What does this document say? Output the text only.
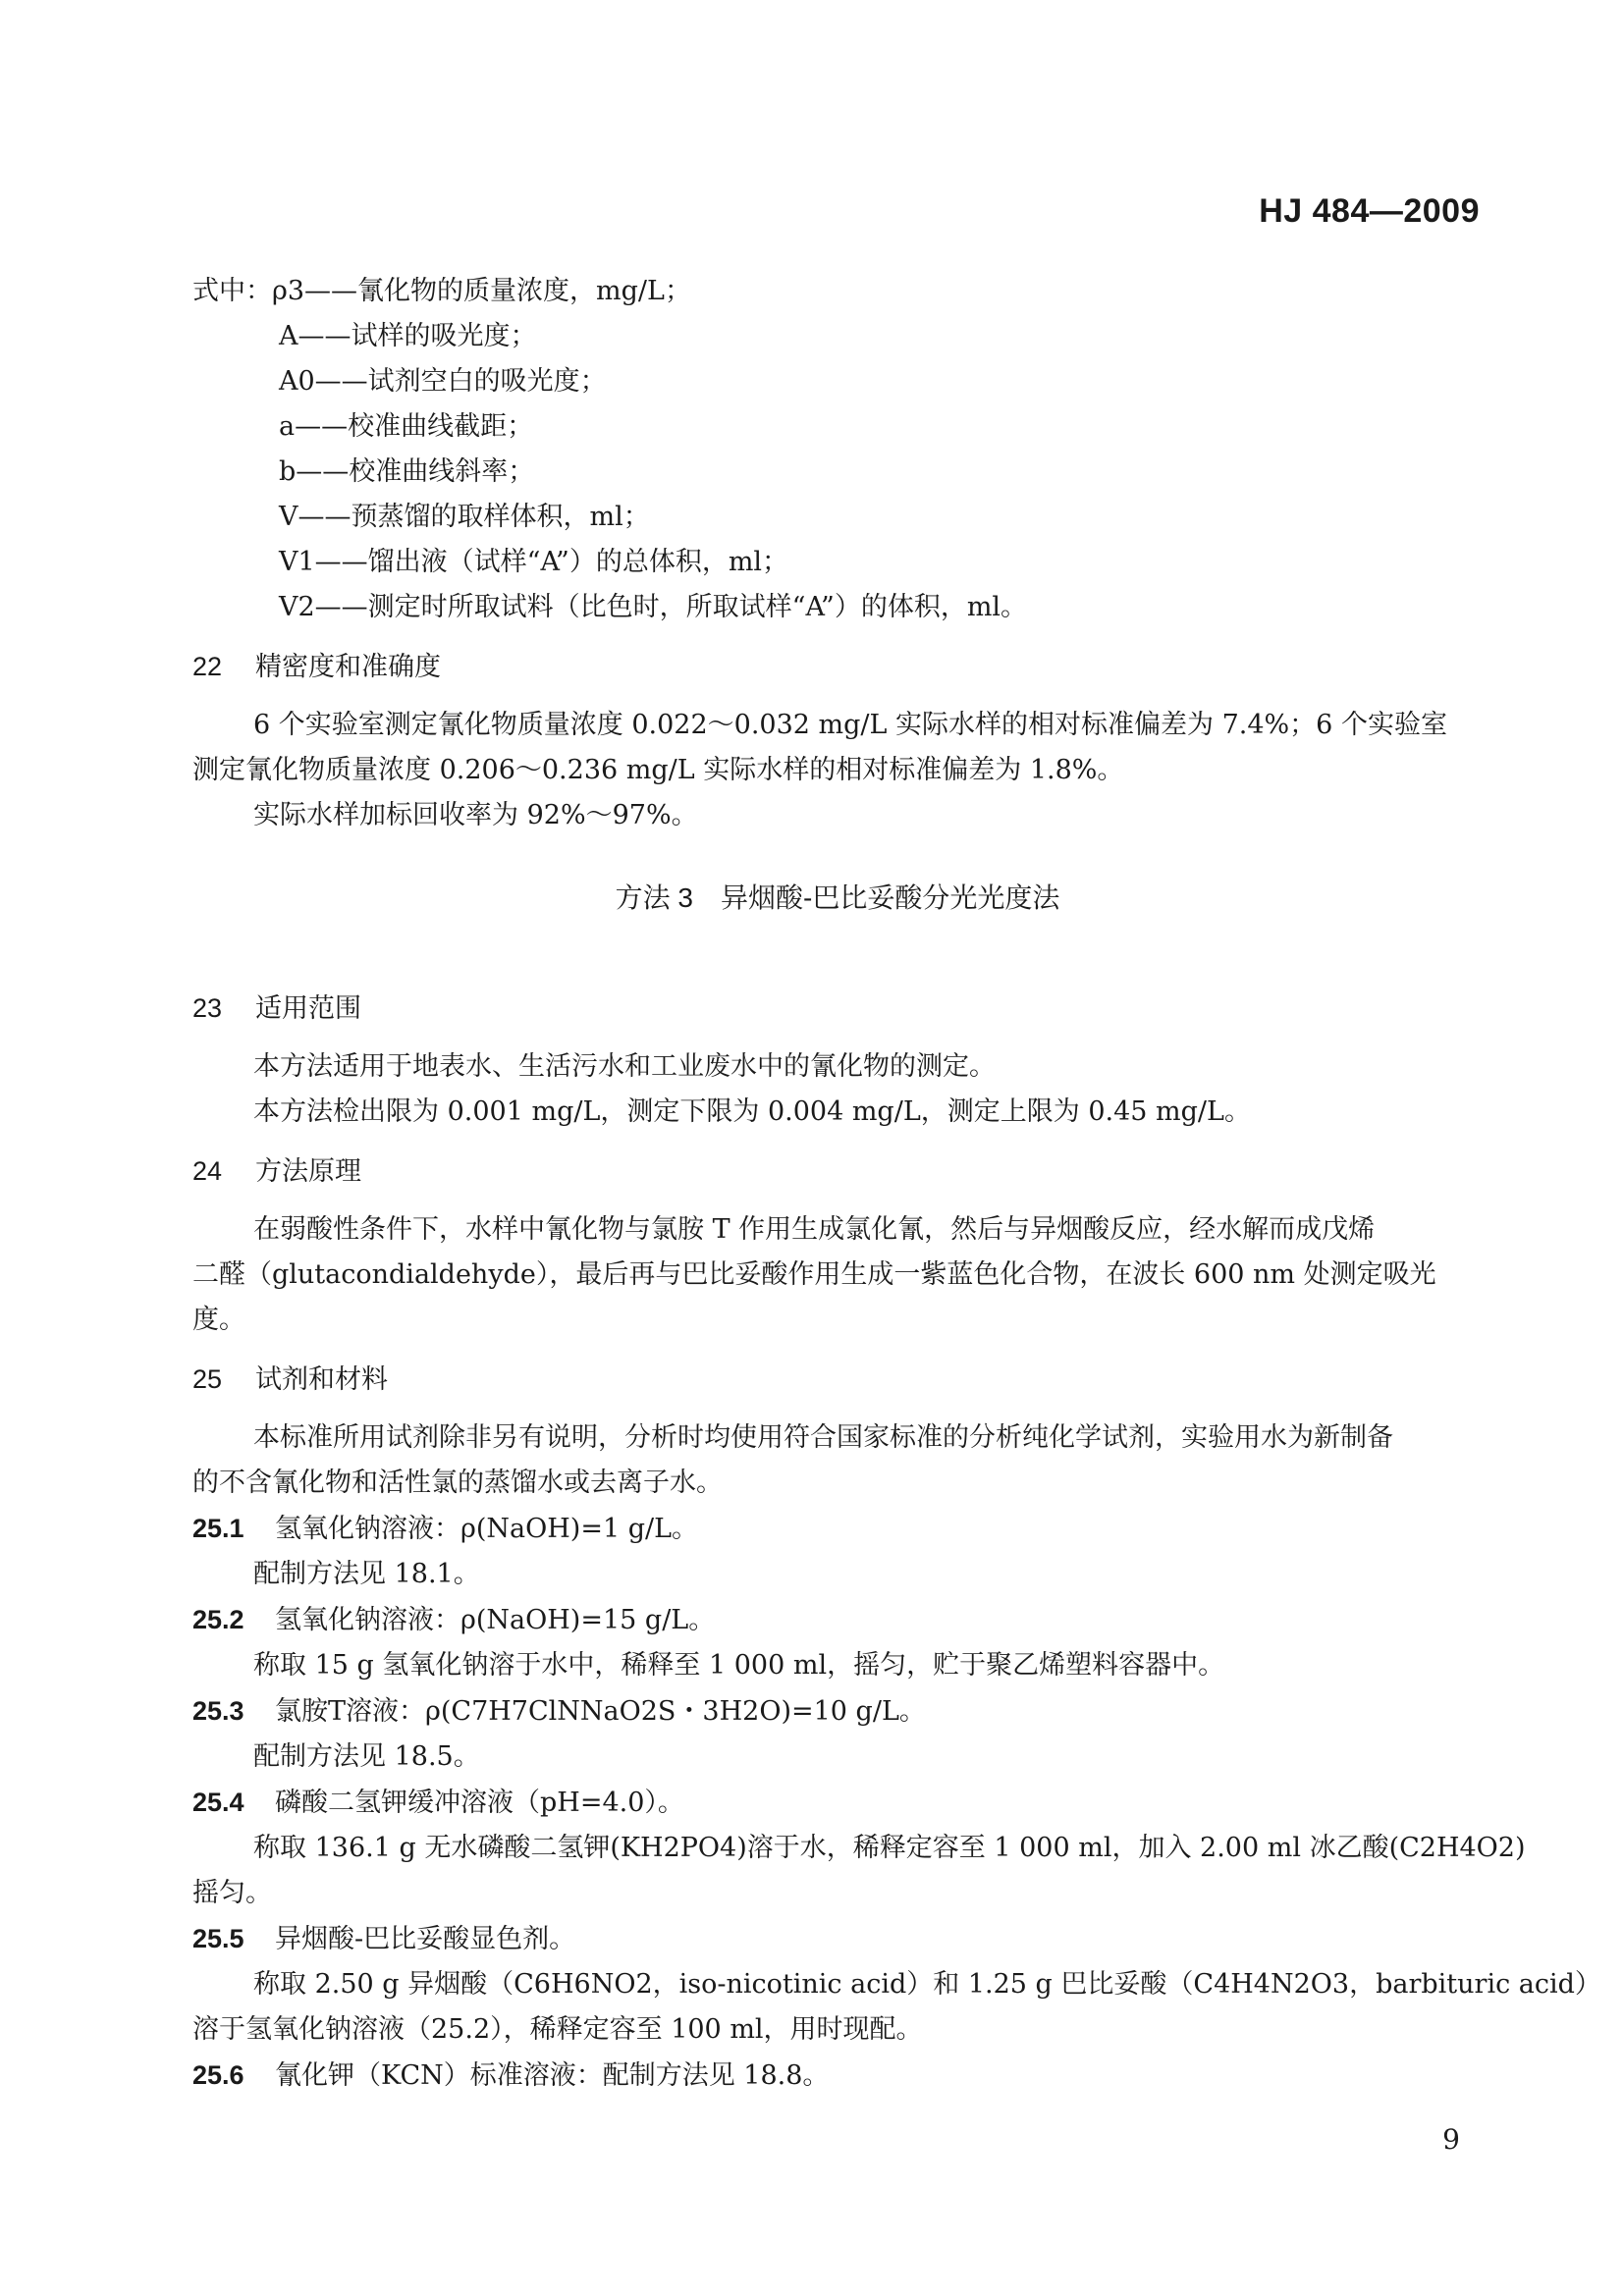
HJ 484—2009
式中：ρ3——氰化物的质量浓度，mg/L；
A——试样的吸光度；
A0——试剂空白的吸光度；
a——校准曲线截距；
b——校准曲线斜率；
V——预蒸馏的取样体积，ml；
V1——馏出液（试样“A”）的总体积，ml；
V2——测定时所取试料（比色时，所取试样“A”）的体积，ml。
22 精密度和准确度
6 个实验室测定氰化物质量浓度 0.022～0.032 mg/L 实际水样的相对标准偏差为 7.4%；6 个实验室
测定氰化物质量浓度 0.206～0.236 mg/L 实际水样的相对标准偏差为 1.8%。
实际水样加标回收率为 92%～97%。
方法 3　异烟酸-巴比妥酸分光光度法
23 适用范围
本方法适用于地表水、生活污水和工业废水中的氰化物的测定。
本方法检出限为 0.001 mg/L，测定下限为 0.004 mg/L，测定上限为 0.45 mg/L。
24 方法原理
在弱酸性条件下，水样中氰化物与氯胺 T 作用生成氯化氰，然后与异烟酸反应，经水解而成戊烯
二醛（glutacondialdehyde），最后再与巴比妥酸作用生成一紫蓝色化合物，在波长 600 nm 处测定吸光
度。
25 试剂和材料
本标准所用试剂除非另有说明，分析时均使用符合国家标准的分析纯化学试剂，实验用水为新制备
的不含氰化物和活性氯的蒸馏水或去离子水。
25.1 氢氧化钠溶液：ρ(NaOH)=1 g/L。
配制方法见 18.1。
25.2 氢氧化钠溶液：ρ(NaOH)=15 g/L。
称取 15 g 氢氧化钠溶于水中，稀释至 1 000 ml，摇匀，贮于聚乙烯塑料容器中。
25.3 氯胺T溶液：ρ(C7H7ClNNaO2S・3H2O)=10 g/L。
配制方法见 18.5。
25.4 磷酸二氢钾缓冲溶液（pH=4.0）。
称取 136.1 g 无水磷酸二氢钾(KH2PO4)溶于水，稀释定容至 1 000 ml，加入 2.00 ml 冰乙酸(C2H4O2)
摇匀。
25.5 异烟酸-巴比妥酸显色剂。
称取 2.50 g 异烟酸（C6H6NO2，iso-nicotinic acid）和 1.25 g 巴比妥酸（C4H4N2O3，barbituric acid）
溶于氢氧化钠溶液（25.2），稀释定容至 100 ml，用时现配。
25.6 氰化钾（KCN）标准溶液：配制方法见 18.8。
9
